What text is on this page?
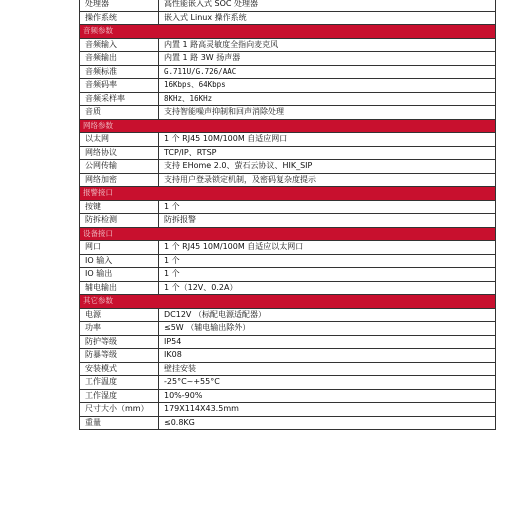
处理器	高性能嵌入式 SOC 处理器
操作系统	嵌入式 Linux 操作系统
音频参数	
音频输入	内置 1 路高灵敏度全指向麦克风
音频输出	内置 1 路 3W 扬声器
音频标准	G.711U/G.726/AAC
音频码率	16Kbps、64Kbps
音频采样率	8KHz、16KHz
音质	支持智能噪声抑制和回声消除处理
网络参数	
以太网	1 个 RJ45 10M/100M 自适应网口
网络协议	TCP/IP、RTSP
公网传输	支持 EHome 2.0、萤石云协议、HIK_SIP
网络加密	支持用户登录锁定机制，及密码复杂度提示
报警接口	
按键	1 个
防拆检测	防拆报警
设备接口	
网口	1 个 RJ45 10M/100M 自适应以太网口
IO 输入	1 个
IO 输出	1 个
辅电输出	1 个（12V、0.2A）
其它参数	
电源	DC12V （标配电源适配器）
功率	≤5W （辅电输出除外）
防护等级	IP54
防暴等级	IK08
安装模式	壁挂安装
工作温度	-25°C~+55°C
工作湿度	10%-90%
尺寸大小（mm）	179X114X43.5mm
重量	≤0.8KG
